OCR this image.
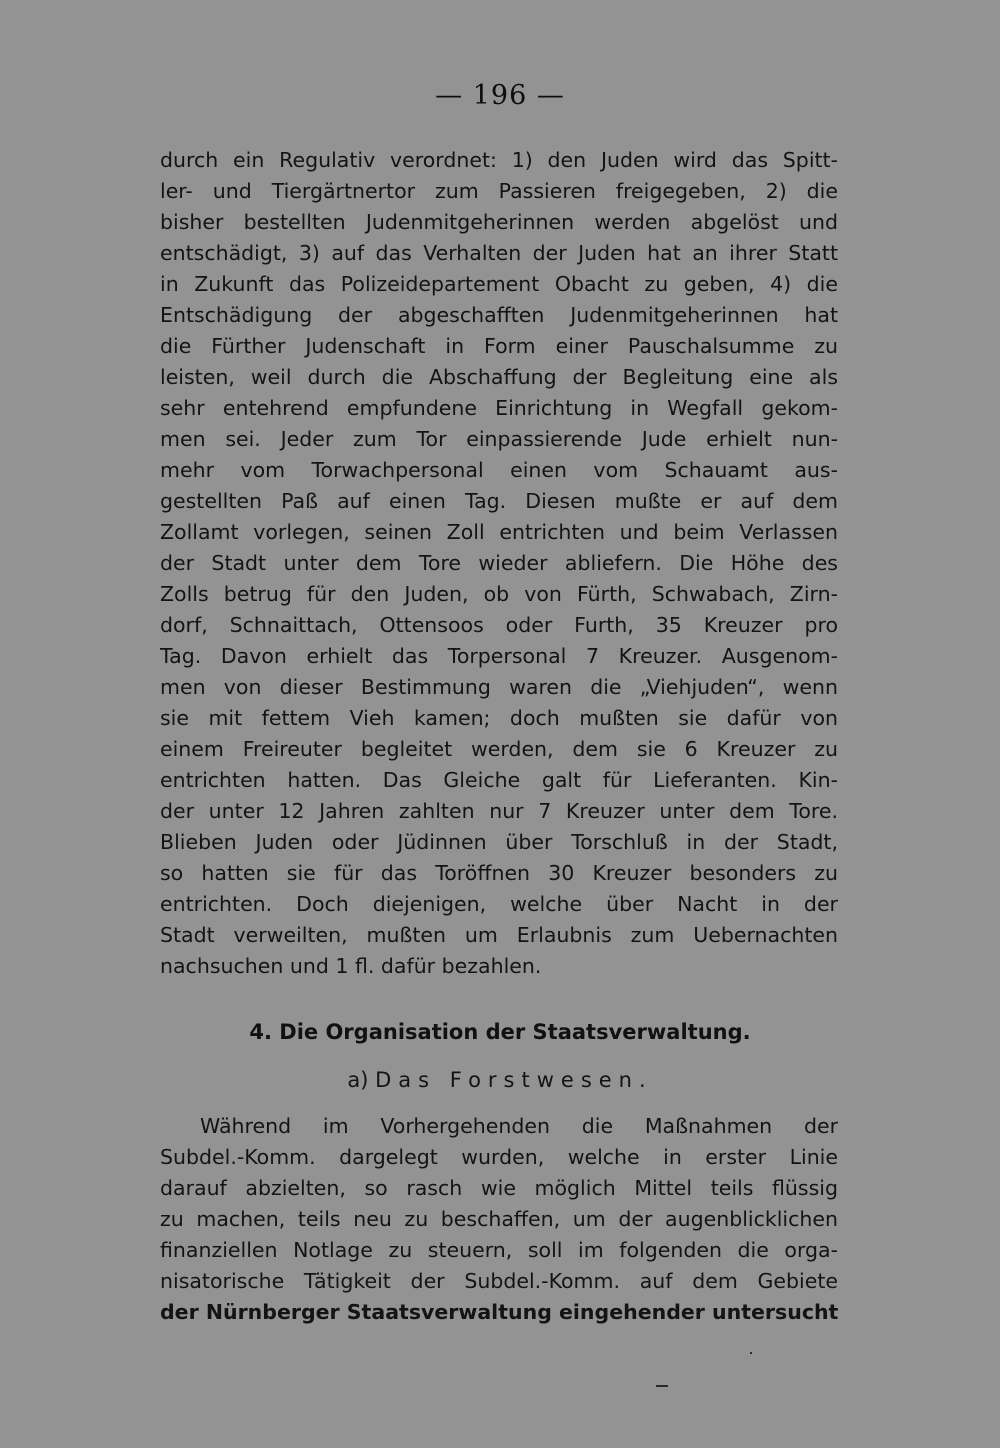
— 196 —
durch ein Regulativ verordnet: 1) den Juden wird das Spitt-
ler- und Tiergärtnertor zum Passieren freigegeben, 2) die
bisher bestellten Judenmitgeherinnen werden abgelöst und
entschädigt, 3) auf das Verhalten der Juden hat an ihrer Statt
in Zukunft das Polizeidepartement Obacht zu geben, 4) die
Entschädigung der abgeschafften Judenmitgeherinnen hat
die Fürther Judenschaft in Form einer Pauschalsumme zu
leisten, weil durch die Abschaffung der Begleitung eine als
sehr entehrend empfundene Einrichtung in Wegfall gekom-
men sei. Jeder zum Tor einpassierende Jude erhielt nun-
mehr vom Torwachpersonal einen vom Schauamt aus-
gestellten Paß auf einen Tag. Diesen mußte er auf dem
Zollamt vorlegen, seinen Zoll entrichten und beim Verlassen
der Stadt unter dem Tore wieder abliefern. Die Höhe des
Zolls betrug für den Juden, ob von Fürth, Schwabach, Zirn-
dorf, Schnaittach, Ottensoos oder Furth, 35 Kreuzer pro
Tag. Davon erhielt das Torpersonal 7 Kreuzer. Ausgenom-
men von dieser Bestimmung waren die „Viehjuden“, wenn
sie mit fettem Vieh kamen; doch mußten sie dafür von
einem Freireuter begleitet werden, dem sie 6 Kreuzer zu
entrichten hatten. Das Gleiche galt für Lieferanten. Kin-
der unter 12 Jahren zahlten nur 7 Kreuzer unter dem Tore.
Blieben Juden oder Jüdinnen über Torschluß in der Stadt,
so hatten sie für das Toröffnen 30 Kreuzer besonders zu
entrichten. Doch diejenigen, welche über Nacht in der
Stadt verweilten, mußten um Erlaubnis zum Uebernachten
nachsuchen und 1 fl. dafür bezahlen.
4. Die Organisation der Staatsverwaltung.
a) Das Forstwesen.
Während im Vorhergehenden die Maßnahmen der
Subdel.-Komm. dargelegt wurden, welche in erster Linie
darauf abzielten, so rasch wie möglich Mittel teils flüssig
zu machen, teils neu zu beschaffen, um der augenblicklichen
finanziellen Notlage zu steuern, soll im folgenden die orga-
nisatorische Tätigkeit der Subdel.-Komm. auf dem Gebiete
der Nürnberger Staatsverwaltung eingehender untersucht
